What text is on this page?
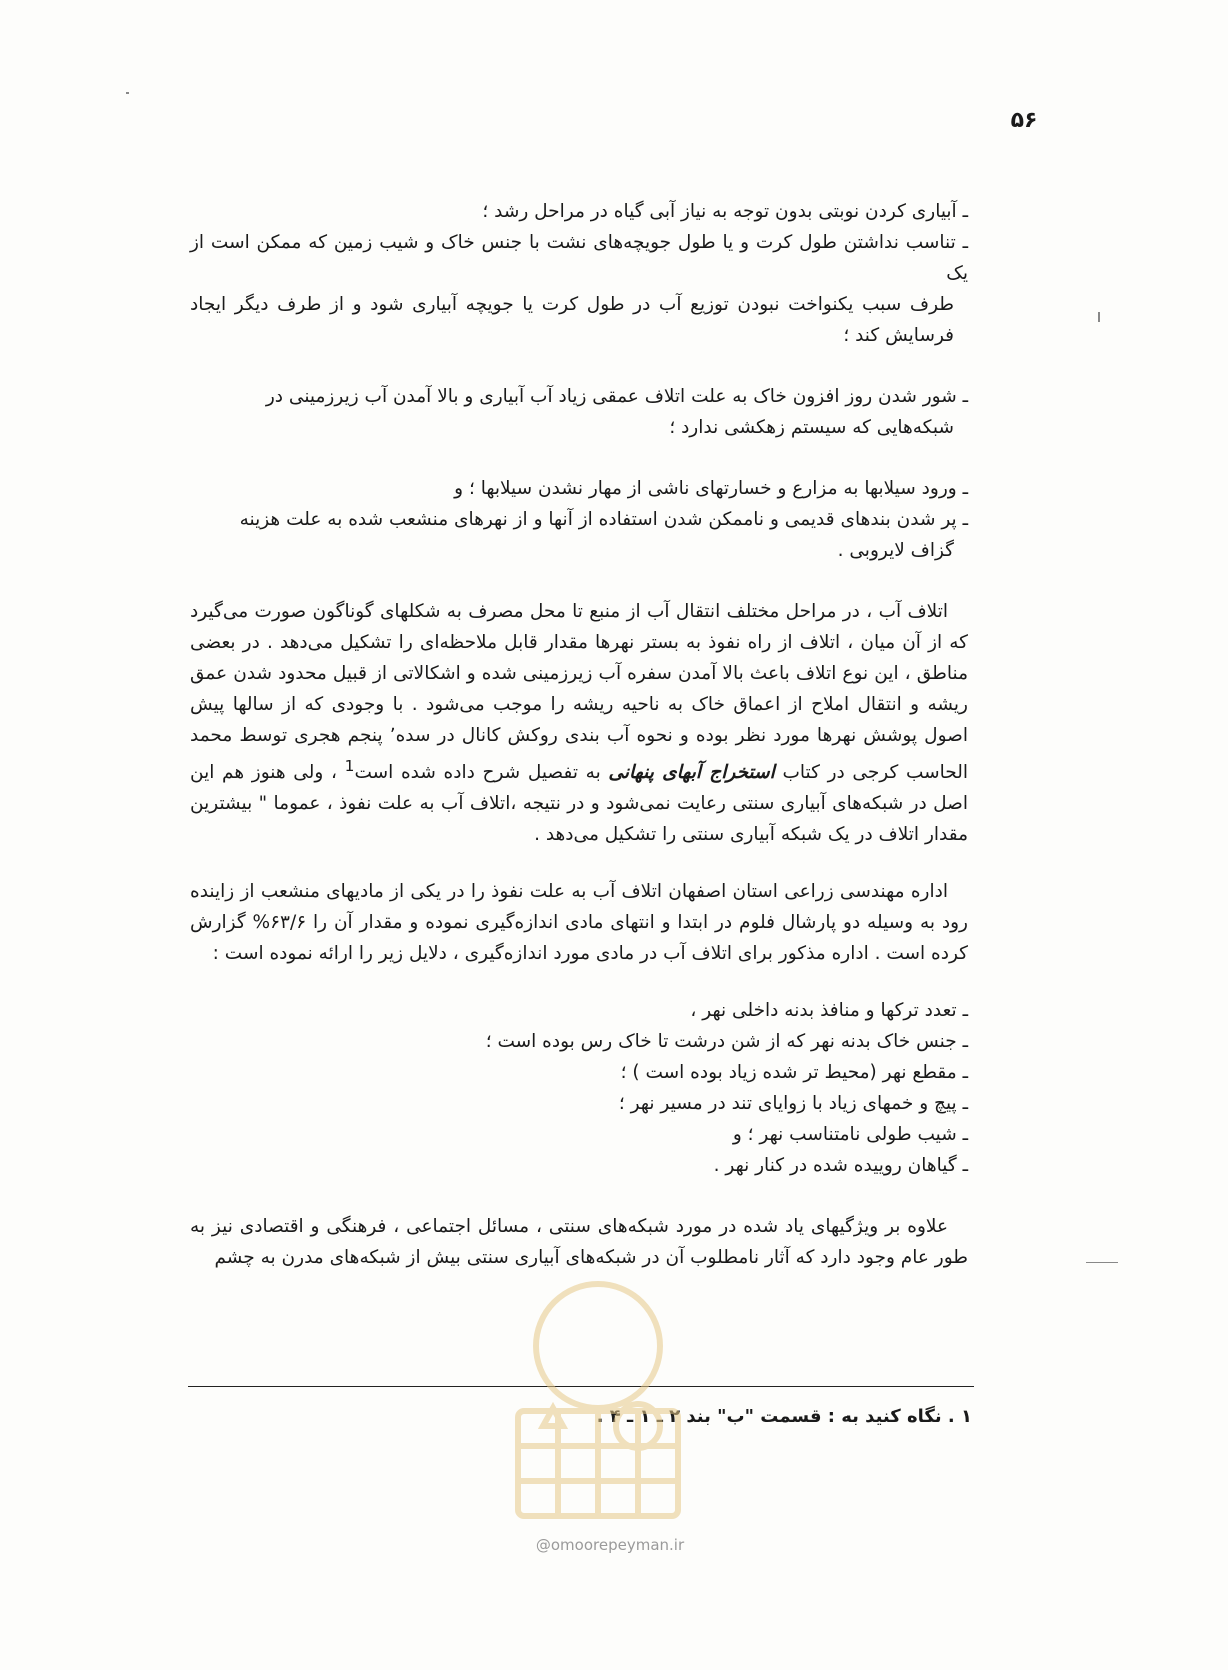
۵۶
ـ آبیاری کردن نوبتی بدون توجه به نیاز آبی گیاه در مراحل رشد ؛
ـ تناسب نداشتن طول کرت و یا طول جویچه‌های نشت با جنس خاک و شیب زمین که ممکن است از یک
طرف سبب یکنواخت نبودن توزیع آب در طول کرت یا جویچه آبیاری شود و از طرف دیگر ایجاد فرسایش کند ؛
ـ شور شدن روز افزون خاک به علت اتلاف عمقی زیاد آب آبیاری و بالا آمدن آب زیرزمینی در
شبکه‌هایی که سیستم زهکشی ندارد ؛
ـ ورود سیلابها به مزارع و خسارتهای ناشی از مهار نشدن سیلابها ؛ و
ـ پر شدن بندهای قدیمی و ناممکن شدن استفاده از آنها و از نهرهای منشعب شده به علت هزینه
گزاف لایروبی .

اتلاف آب ، در مراحل مختلف انتقال آب از منبع تا محل مصرف به شکلهای گوناگون صورت می‌گیرد که از آن میان ، اتلاف از راه نفوذ به بستر نهرها مقدار قابل ملاحظه‌ای را تشکیل می‌دهد . در بعضی مناطق ، این نوع اتلاف باعث بالا آمدن سفره آب زیرزمینی شده و اشکالاتی از قبیل محدود شدن عمق ریشه و انتقال املاح از اعماق خاک به ناحیه ریشه را موجب می‌شود . با وجودی که از سالها پیش اصول پوشش نهرها مورد نظر بوده و نحوه آب بندی روکش کانال در سده٬ پنجم هجری توسط محمد الحاسب کرجی در کتاب استخراج آبهای پنهانی به تفصیل شرح داده شده است$^1$ ، ولی هنوز هم این اصل در شبکه‌های آبیاری سنتی رعایت نمی‌شود و در نتیجه ،اتلاف آب به علت نفوذ ، عموما " بیشترین مقدار اتلاف در یک شبکه آبیاری سنتی را تشکیل می‌دهد .

اداره مهندسی زراعی استان اصفهان اتلاف آب به علت نفوذ را در یکی از مادیهای منشعب از زاینده رود به وسیله دو پارشال فلوم در ابتدا و انتهای مادی اندازه‌گیری نموده و مقدار آن را ۶۳/۶% گزارش کرده است . اداره مذکور برای اتلاف آب در مادی مورد اندازه‌گیری ، دلایل زیر را ارائه نموده است :

ـ تعدد ترکها و منافذ بدنه داخلی نهر ،
ـ جنس خاک بدنه نهر که از شن درشت تا خاک رس بوده است ؛
ـ مقطع نهر (محیط تر شده زیاد بوده است ) ؛
ـ پیچ و خمهای زیاد با زوایای تند در مسیر نهر ؛
ـ شیب طولی نامتناسب نهر ؛ و
ـ گیاهان روییده شده در کنار نهر .

علاوه بر ویژگیهای یاد شده در مورد شبکه‌های سنتی ، مسائل اجتماعی ، فرهنگی و اقتصادی نیز به طور عام وجود دارد که آثار نامطلوب آن در شبکه‌های آبیاری سنتی بیش از شبکه‌های مدرن به چشم

۱ . نگاه کنید به : قسمت "ب" بند ۲ ـ ۱ ـ ۴ .
@omoorepeyman.ir
